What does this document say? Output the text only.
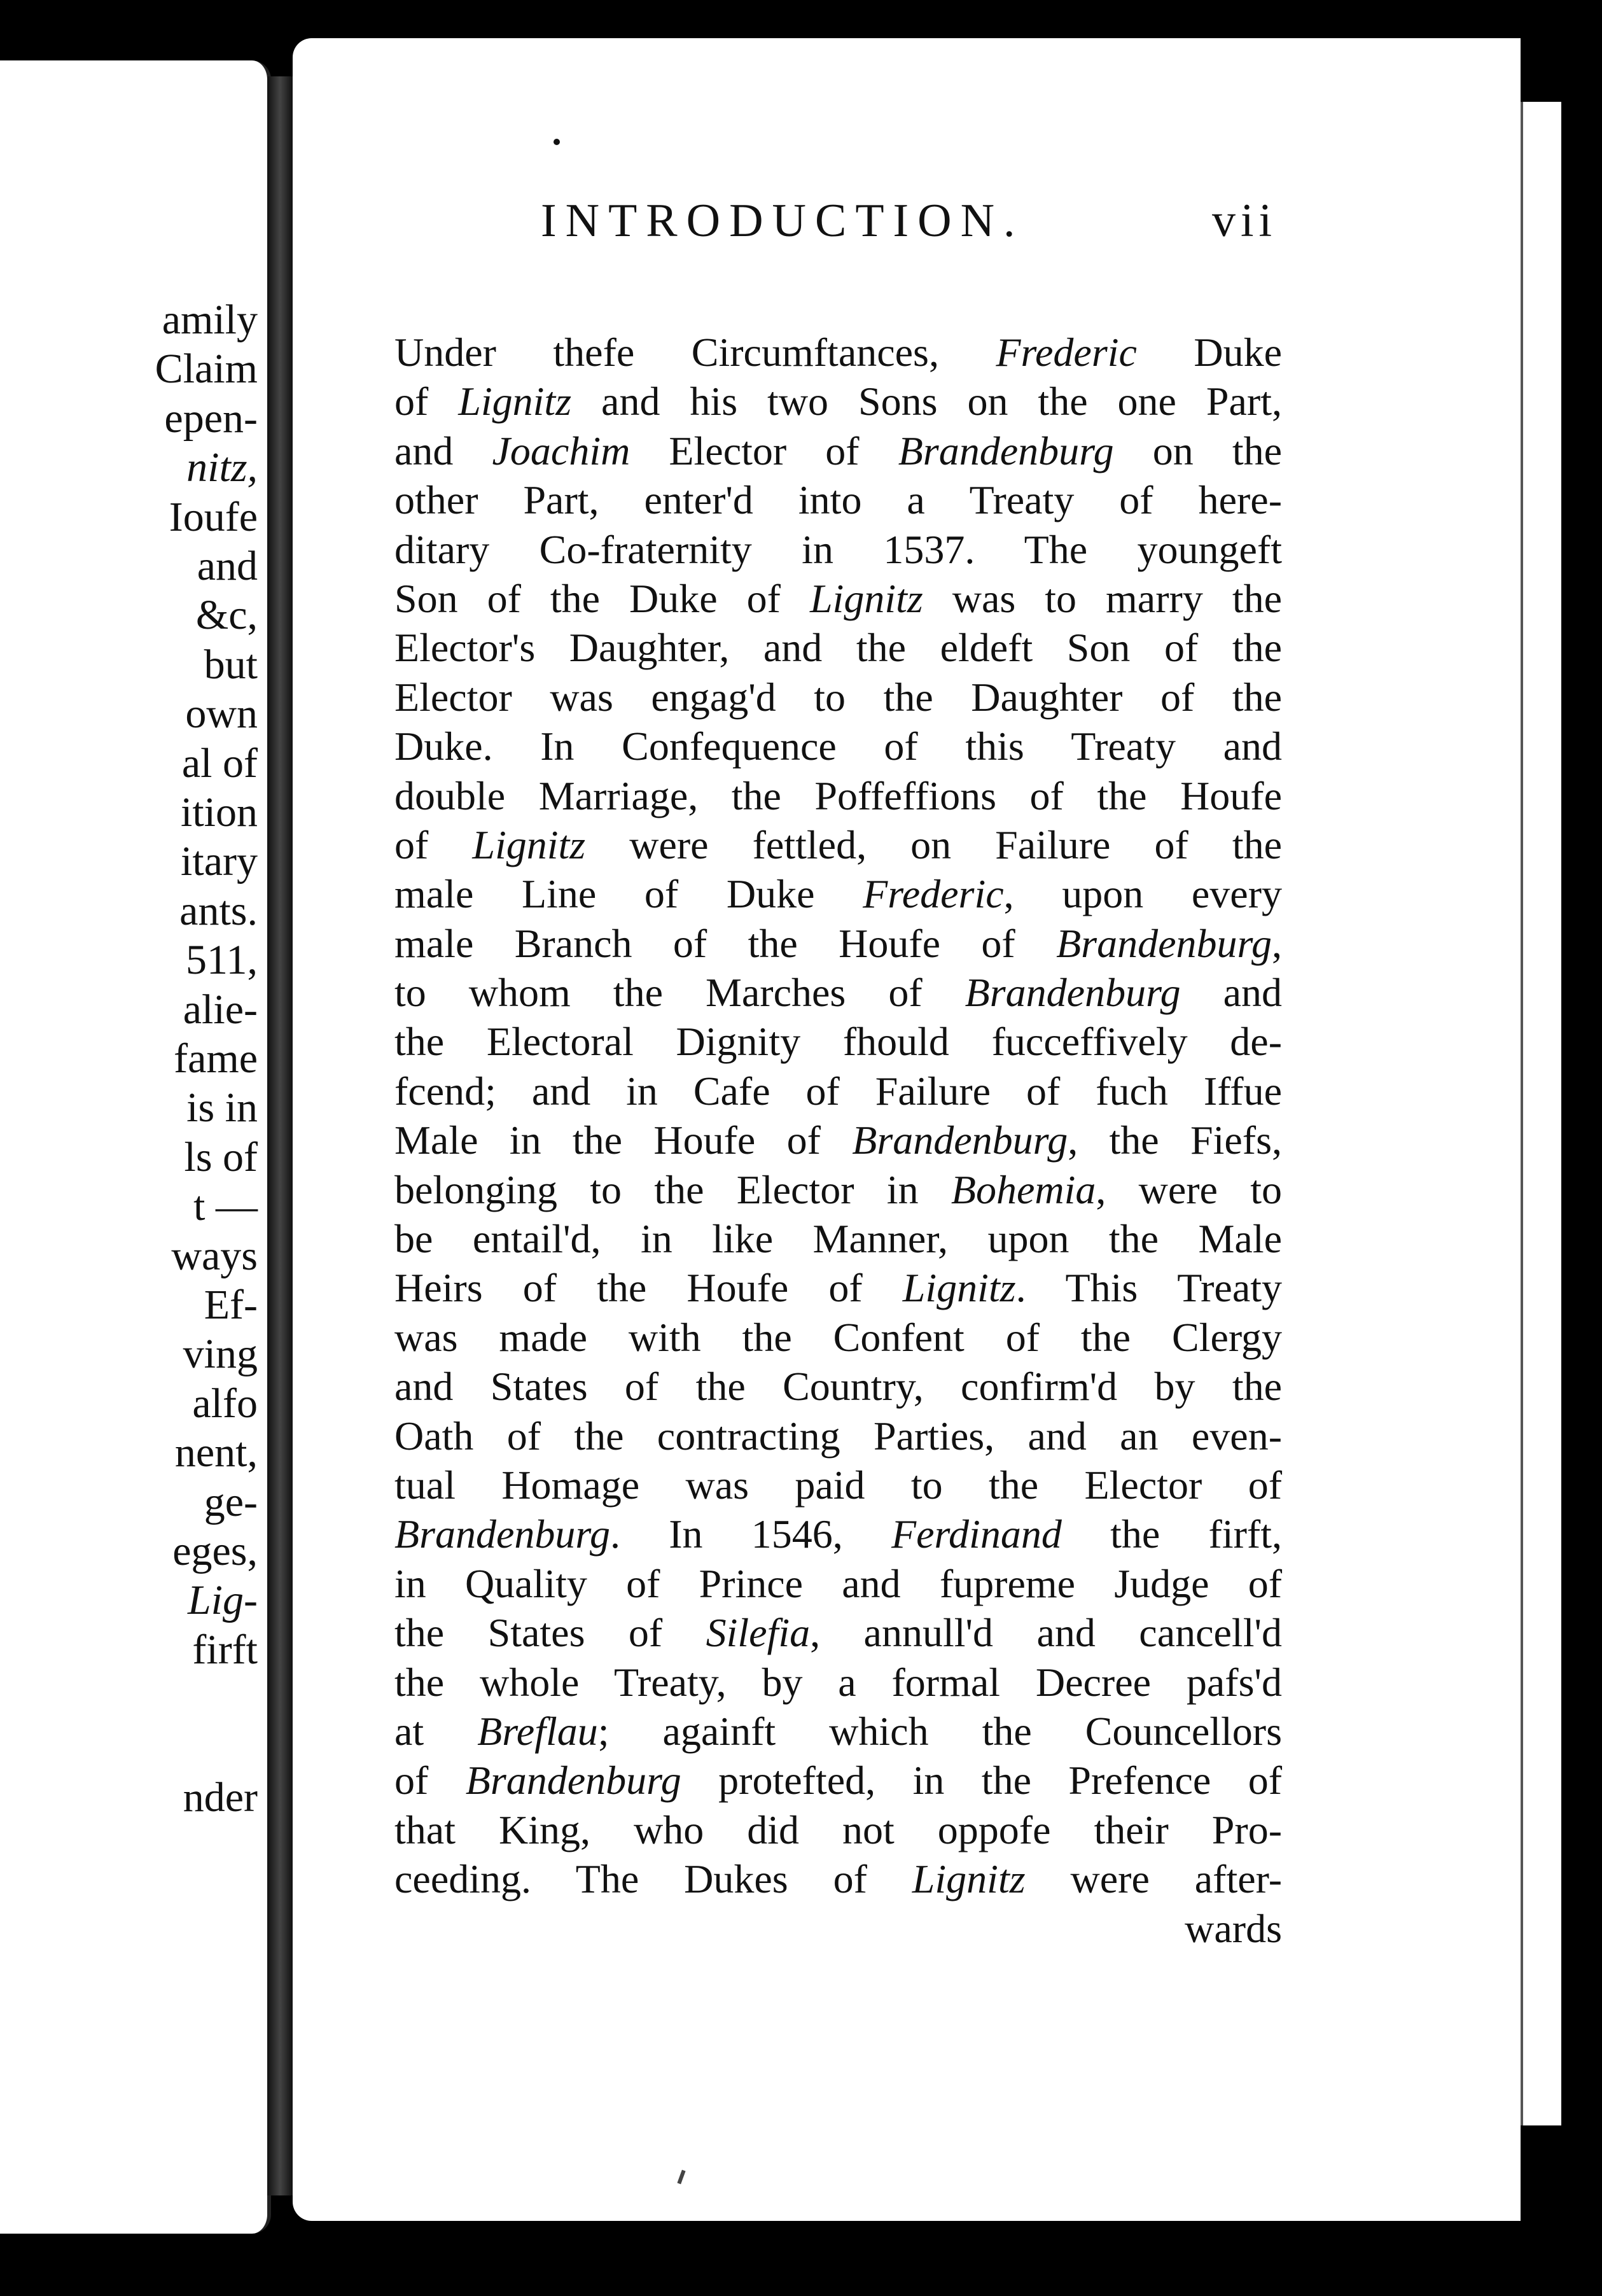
amily
Claim
epen-
nitz,
Ioufe
and
&c,
but
own
al of
ition
itary
ants.
511,
alie-
fame
is in
ls of
t —
ways
Ef-
ving
alfo
nent,
ge-
eges,
Lig-
firft
nder
INTRODUCTION.	vii
Under thefe Circumftances, Frederic Duke
of Lignitz and his two Sons on the one Part,
and Joachim Elector of Brandenburg on the
other Part, enter'd into a Treaty of here-
ditary Co-fraternity in 1537. The youngeft
Son of the Duke of Lignitz was to marry the
Elector's Daughter, and the eldeft Son of the
Elector was engag'd to the Daughter of the
Duke. In Confequence of this Treaty and
double Marriage, the Poffeffions of the Houfe
of Lignitz were fettled, on Failure of the
male Line of Duke Frederic, upon every
male Branch of the Houfe of Brandenburg,
to whom the Marches of Brandenburg and
the Electoral Dignity fhould fucceffively de-
fcend; and in Cafe of Failure of fuch Iffue
Male in the Houfe of Brandenburg, the Fiefs,
belonging to the Elector in Bohemia, were to
be entail'd, in like Manner, upon the Male
Heirs of the Houfe of Lignitz. This Treaty
was made with the Confent of the Clergy
and States of the Country, confirm'd by the
Oath of the contracting Parties, and an even-
tual Homage was paid to the Elector of
Brandenburg. In 1546, Ferdinand the firft,
in Quality of Prince and fupreme Judge of
the States of Silefia, annull'd and cancell'd
the whole Treaty, by a formal Decree pafs'd
at Breflau; againft which the Councellors
of Brandenburg protefted, in the Prefence of
that King, who did not oppofe their Pro-
ceeding. The Dukes of Lignitz were after-
wards
